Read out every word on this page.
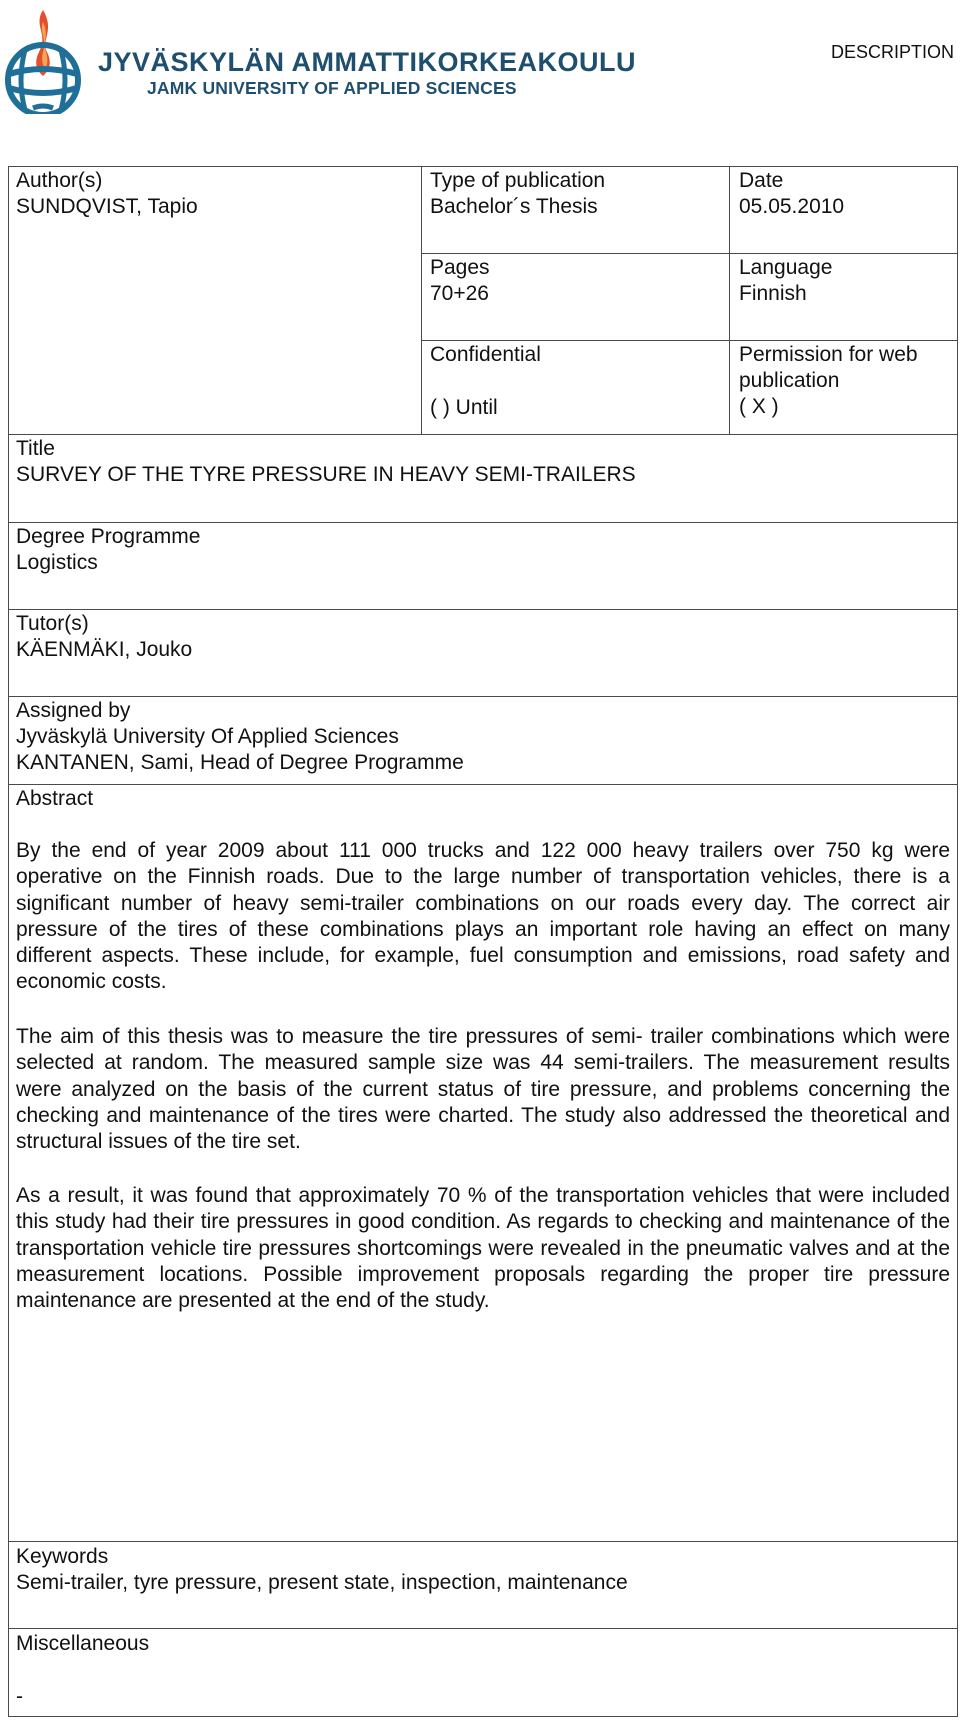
JYVÄSKYLÄN AMMATTIKORKEAKOULU
JAMK UNIVERSITY OF APPLIED SCIENCES
DESCRIPTION
Author(s)
SUNDQVIST, Tapio
Type of publication
Bachelor´s Thesis
Date
05.05.2010
Pages
70+26
Language
Finnish
Confidential
( ) Until
Permission for web
publication
( X )
Title
SURVEY OF THE TYRE PRESSURE IN HEAVY SEMI-TRAILERS
Degree Programme
Logistics
Tutor(s)
KÄENMÄKI, Jouko
Assigned by
Jyväskylä University Of Applied Sciences
KANTANEN, Sami, Head of Degree Programme
Abstract

By the end of year 2009 about 111 000 trucks and 122 000 heavy trailers over 750 kg were operative on the Finnish roads. Due to the large number of transportation vehicles, there is a significant number of heavy semi-trailer combinations on our roads every day. The correct air pressure of the tires of these combinations plays an important role having an effect on many different aspects. These include, for example, fuel consumption and emissions, road safety and economic costs.

The aim of this thesis was to measure the tire pressures of semi- trailer combinations which were selected at random. The measured sample size was 44 semi-trailers. The measurement results were analyzed on the basis of the current status of tire pressure, and problems concerning the checking and maintenance of the tires were charted. The study also addressed the theoretical and structural issues of the tire set.

As a result, it was found that approximately 70 % of the transportation vehicles that were included this study had their tire pressures in good condition. As regards to checking and maintenance of the transportation vehicle tire pressures shortcomings were revealed in the pneumatic valves and at the measurement locations. Possible improvement proposals regarding the proper tire pressure maintenance are presented at the end of the study.

Keywords
Semi-trailer, tyre pressure, present state, inspection, maintenance
Miscellaneous
-
